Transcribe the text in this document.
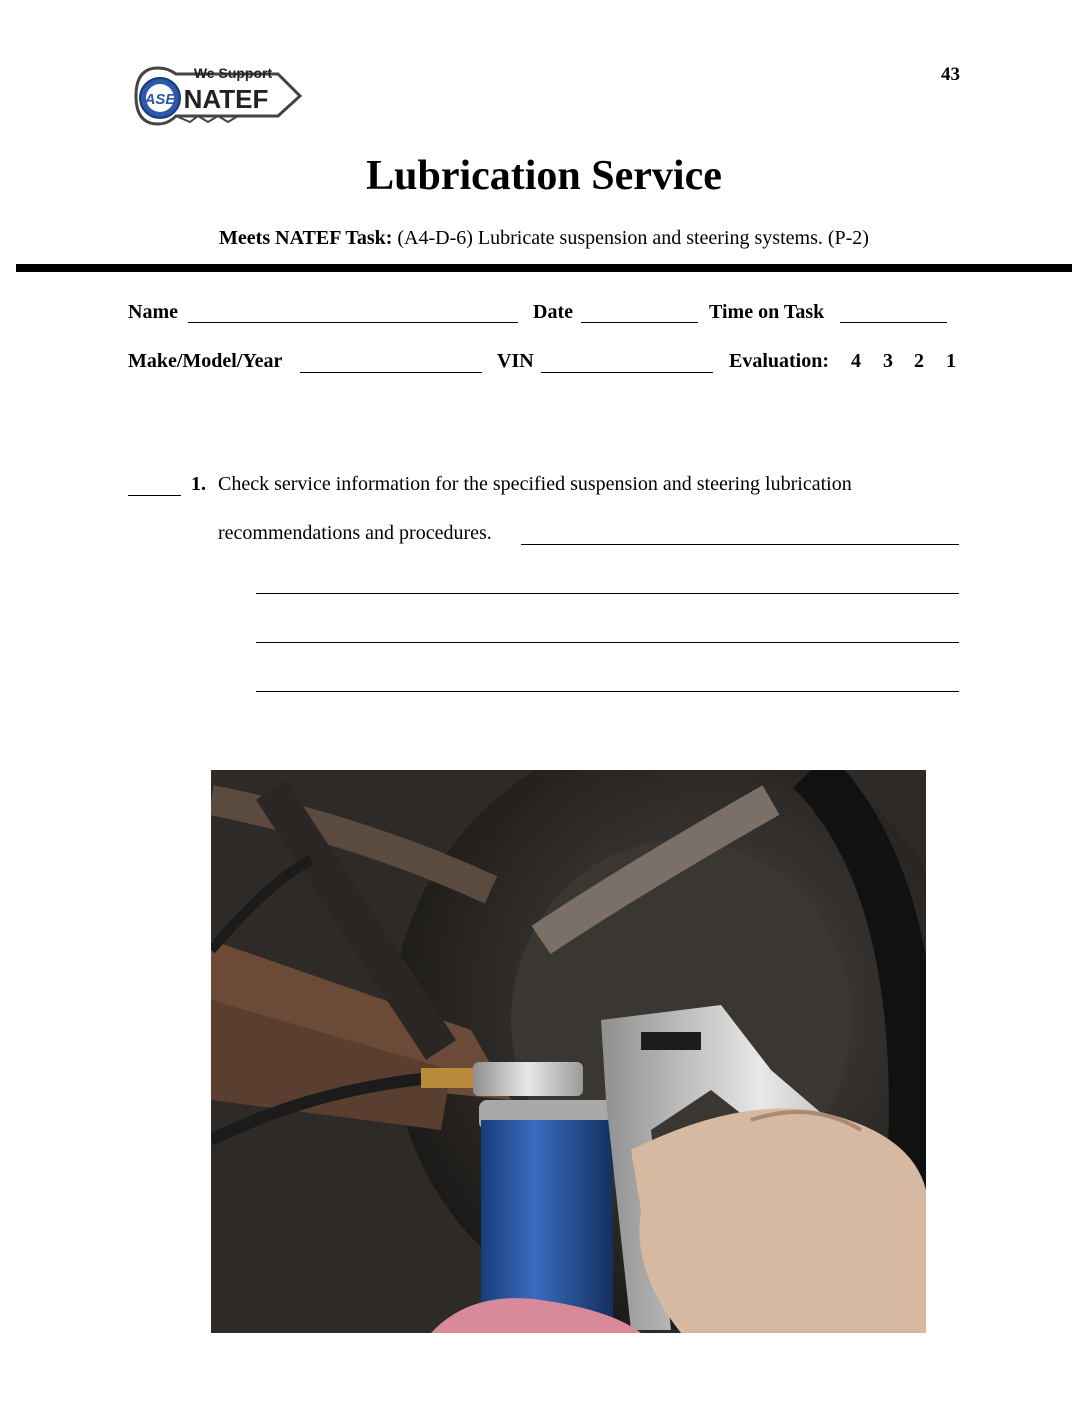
ASE
We Support
NATEF
43
Lubrication Service
Meets NATEF Task: (A4-D-6) Lubricate suspension and steering systems. (P-2)
Name	Date	Time on Task
Make/Model/Year	VIN	Evaluation: 4 3 2 1
1. Check service information for the specified suspension and steering lubrication
recommendations and procedures.
